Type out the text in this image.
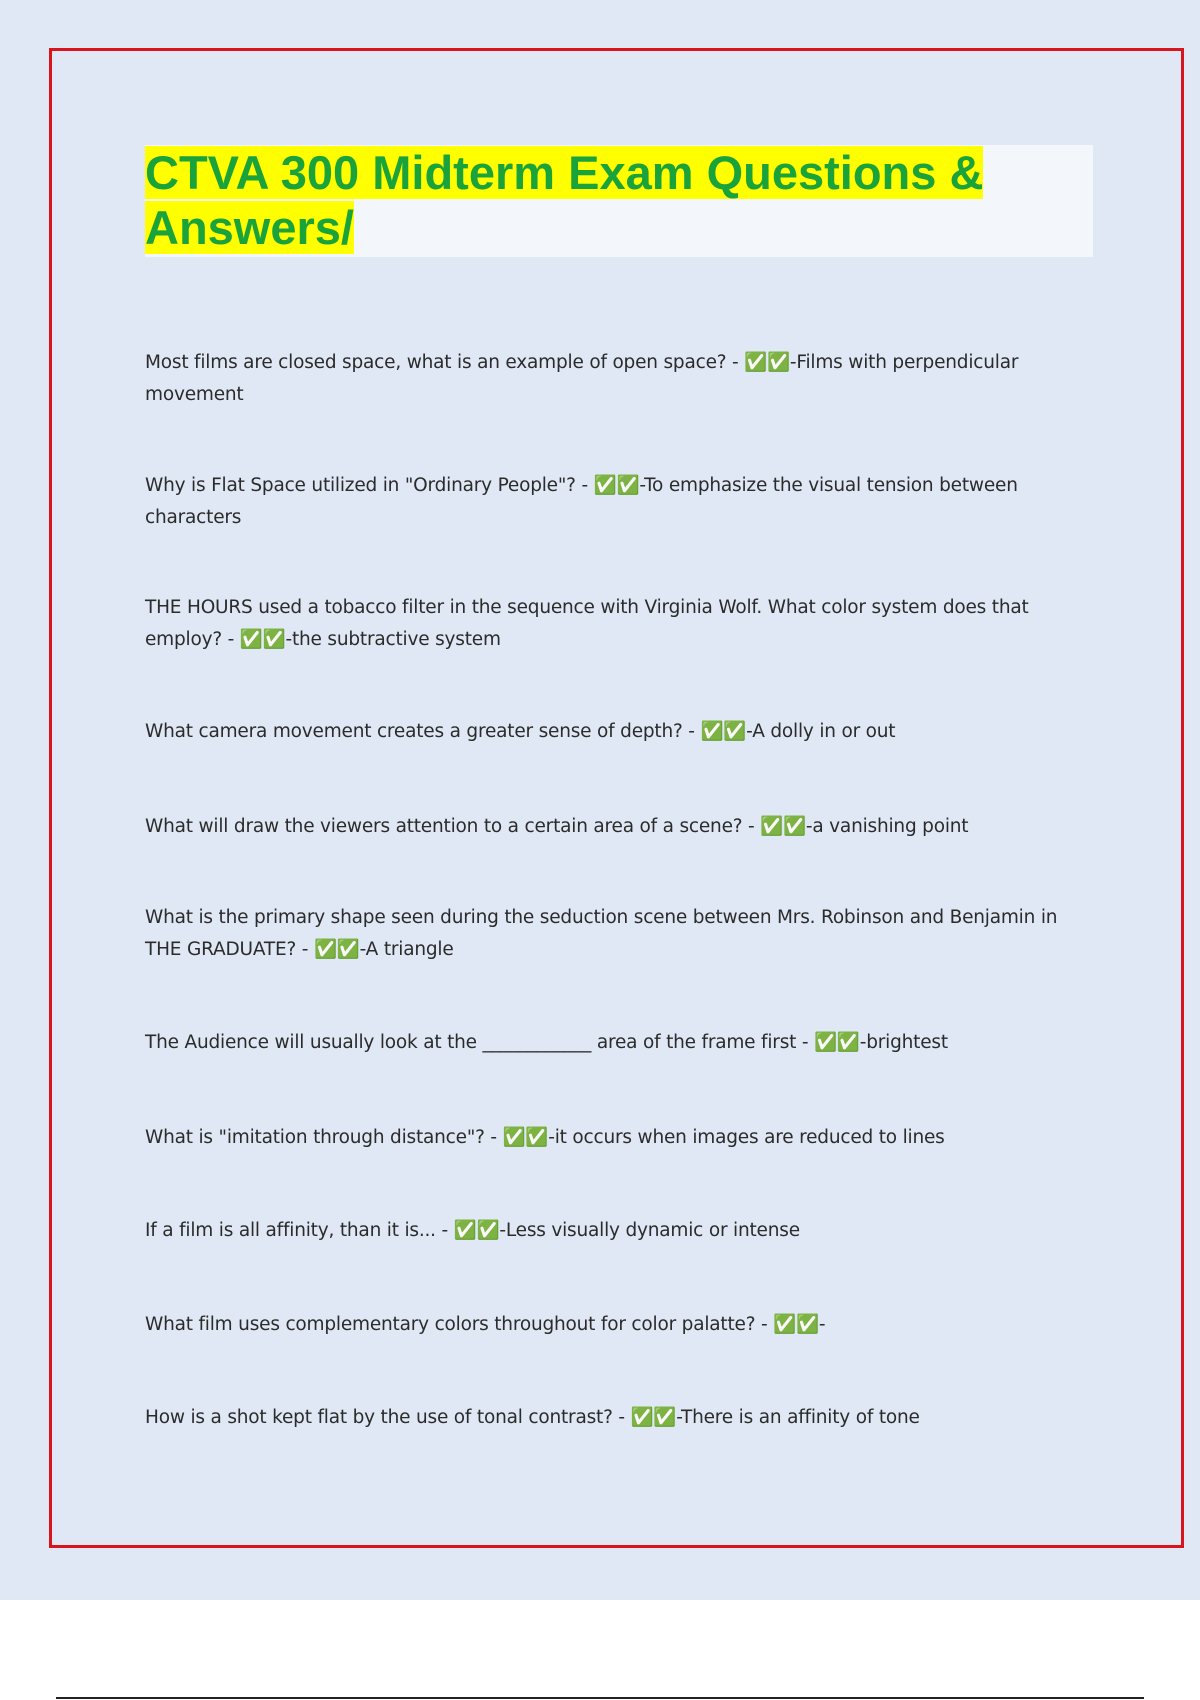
CTVA 300 Midterm Exam Questions & Answers/

Most films are closed space, what is an example of open space? - ✅✅-Films with perpendicular movement

Why is Flat Space utilized in "Ordinary People"? - ✅✅-To emphasize the visual tension between characters

THE HOURS used a tobacco filter in the sequence with Virginia Wolf. What color system does that employ? - ✅✅-the subtractive system

What camera movement creates a greater sense of depth? - ✅✅-A dolly in or out

What will draw the viewers attention to a certain area of a scene? - ✅✅-a vanishing point

What is the primary shape seen during the seduction scene between Mrs. Robinson and Benjamin in THE GRADUATE? - ✅✅-A triangle

The Audience will usually look at the ____________ area of the frame first - ✅✅-brightest

What is "imitation through distance"? - ✅✅-it occurs when images are reduced to lines

If a film is all affinity, than it is... - ✅✅-Less visually dynamic or intense

What film uses complementary colors throughout for color palatte? - ✅✅-

How is a shot kept flat by the use of tonal contrast? - ✅✅-There is an affinity of tone
